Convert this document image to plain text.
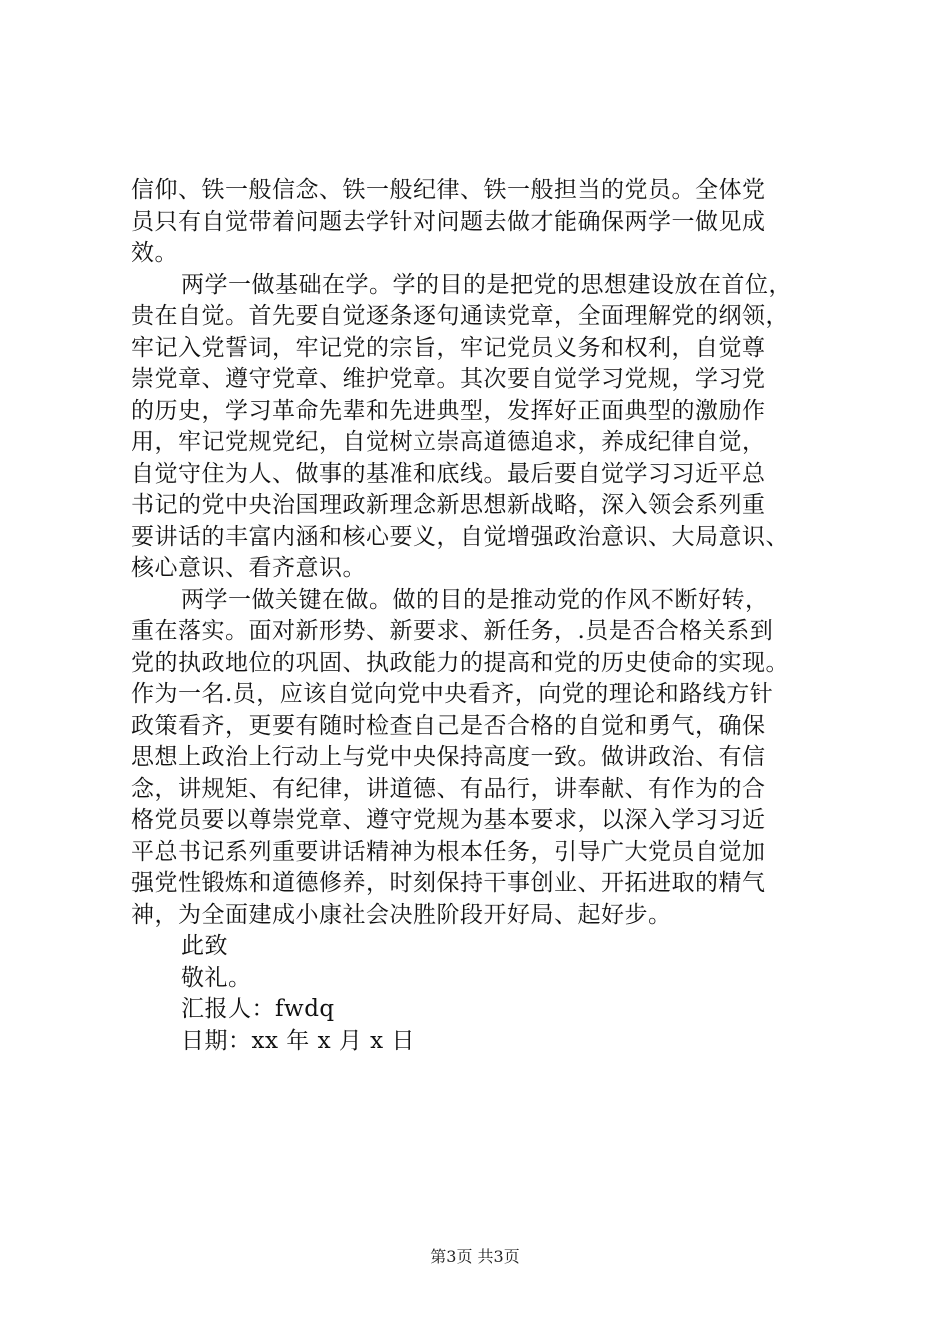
信仰、铁一般信念、铁一般纪律、铁一般担当的党员。全体党
员只有自觉带着问题去学针对问题去做才能确保两学一做见成
效。
两学一做基础在学。学的目的是把党的思想建设放在首位，
贵在自觉。首先要自觉逐条逐句通读党章，全面理解党的纲领，
牢记入党誓词，牢记党的宗旨，牢记党员义务和权利，自觉尊
崇党章、遵守党章、维护党章。其次要自觉学习党规，学习党
的历史，学习革命先辈和先进典型，发挥好正面典型的激励作
用，牢记党规党纪，自觉树立崇高道德追求，养成纪律自觉，
自觉守住为人、做事的基准和底线。最后要自觉学习习近平总
书记的党中央治国理政新理念新思想新战略，深入领会系列重
要讲话的丰富内涵和核心要义，自觉增强政治意识、大局意识、
核心意识、看齐意识。
两学一做关键在做。做的目的是推动党的作风不断好转，
重在落实。面对新形势、新要求、新任务，.员是否合格关系到
党的执政地位的巩固、执政能力的提高和党的历史使命的实现。
作为一名.员，应该自觉向党中央看齐，向党的理论和路线方针
政策看齐，更要有随时检查自己是否合格的自觉和勇气，确保
思想上政治上行动上与党中央保持高度一致。做讲政治、有信
念，讲规矩、有纪律，讲道德、有品行，讲奉献、有作为的合
格党员要以尊崇党章、遵守党规为基本要求，以深入学习习近
平总书记系列重要讲话精神为根本任务，引导广大党员自觉加
强党性锻炼和道德修养，时刻保持干事创业、开拓进取的精气
神，为全面建成小康社会决胜阶段开好局、起好步。
此致
敬礼。
汇报人：fwdq
日期：xx 年 x 月 x 日
第3页 共3页
